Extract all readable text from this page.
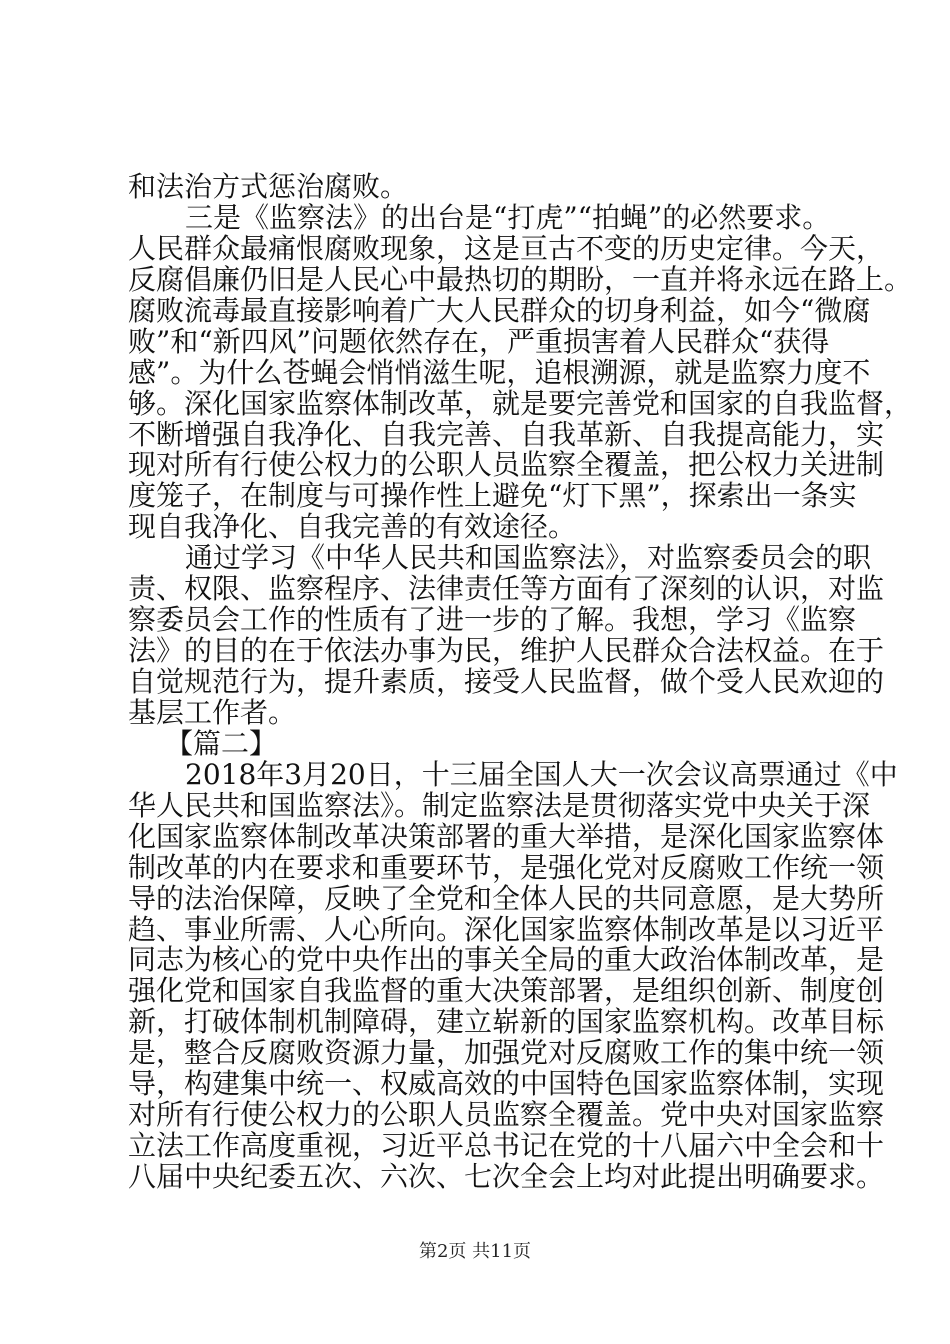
和法治方式惩治腐败。
三是《监察法》的出台是“打虎”“拍蝇”的必然要求。
人民群众最痛恨腐败现象，这是亘古不变的历史定律。今天，
反腐倡廉仍旧是人民心中最热切的期盼，一直并将永远在路上。
腐败流毒最直接影响着广大人民群众的切身利益，如今“微腐
败”和“新四风”问题依然存在，严重损害着人民群众“获得
感”。为什么苍蝇会悄悄滋生呢，追根溯源，就是监察力度不
够。深化国家监察体制改革，就是要完善党和国家的自我监督，
不断增强自我净化、自我完善、自我革新、自我提高能力，实
现对所有行使公权力的公职人员监察全覆盖，把公权力关进制
度笼子，在制度与可操作性上避免“灯下黑”，探索出一条实
现自我净化、自我完善的有效途径。
通过学习《中华人民共和国监察法》，对监察委员会的职
责、权限、监察程序、法律责任等方面有了深刻的认识，对监
察委员会工作的性质有了进一步的了解。我想，学习《监察
法》的目的在于依法办事为民，维护人民群众合法权益。在于
自觉规范行为，提升素质，接受人民监督，做个受人民欢迎的
基层工作者。
【篇二】
2018年3月20日，十三届全国人大一次会议高票通过《中
华人民共和国监察法》。制定监察法是贯彻落实党中央关于深
化国家监察体制改革决策部署的重大举措，是深化国家监察体
制改革的内在要求和重要环节，是强化党对反腐败工作统一领
导的法治保障，反映了全党和全体人民的共同意愿，是大势所
趋、事业所需、人心所向。深化国家监察体制改革是以习近平
同志为核心的党中央作出的事关全局的重大政治体制改革，是
强化党和国家自我监督的重大决策部署，是组织创新、制度创
新，打破体制机制障碍，建立崭新的国家监察机构。改革目标
是，整合反腐败资源力量，加强党对反腐败工作的集中统一领
导，构建集中统一、权威高效的中国特色国家监察体制，实现
对所有行使公权力的公职人员监察全覆盖。党中央对国家监察
立法工作高度重视，习近平总书记在党的十八届六中全会和十
八届中央纪委五次、六次、七次全会上均对此提出明确要求。
第2页 共11页
